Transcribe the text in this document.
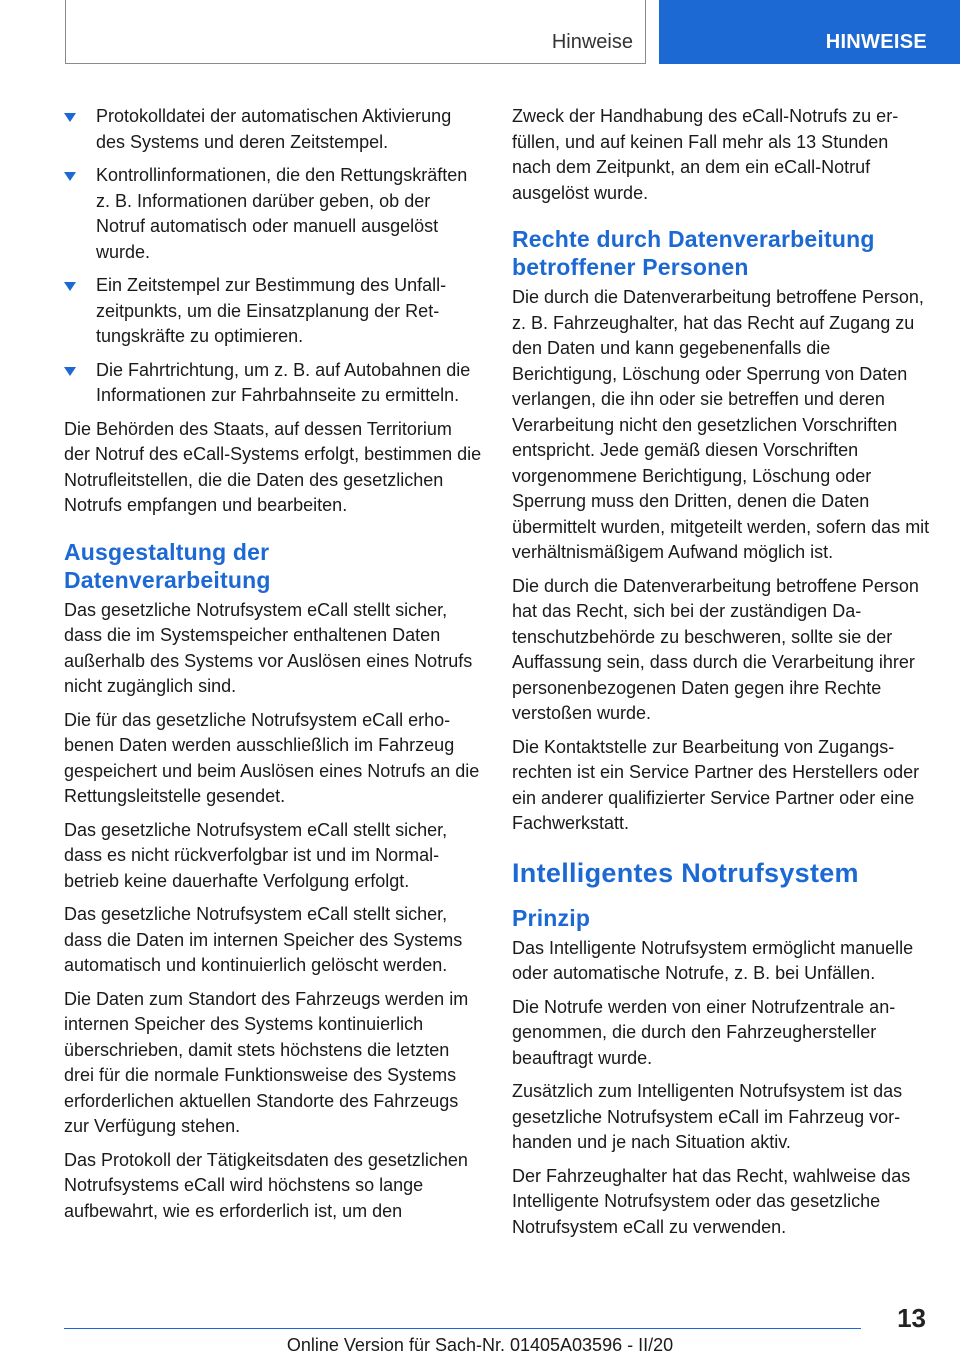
Hinweise	HINWEISE
Protokolldatei der automatischen Aktivierung des Systems und deren Zeitstempel.
Kontrollinformationen, die den Rettungskräften z. B. Informationen darüber geben, ob der Notruf automatisch oder manuell ausgelöst wurde.
Ein Zeitstempel zur Bestimmung des Unfallzeitpunkts, um die Einsatzplanung der Rettungskräfte zu optimieren.
Die Fahrtrichtung, um z. B. auf Autobahnen die Informationen zur Fahrbahnseite zu ermitteln.

Die Behörden des Staats, auf dessen Territorium der Notruf des eCall-Systems erfolgt, bestimmen die Notrufleitstellen, die die Daten des gesetzlichen Notrufs empfangen und bearbeiten.

Ausgestaltung der Datenverarbeitung

Das gesetzliche Notrufsystem eCall stellt sicher, dass die im Systemspeicher enthaltenen Daten außerhalb des Systems vor Auslösen eines Notrufs nicht zugänglich sind.

Die für das gesetzliche Notrufsystem eCall erhobenen Daten werden ausschließlich im Fahrzeug gespeichert und beim Auslösen eines Notrufs an die Rettungsleitstelle gesendet.

Das gesetzliche Notrufsystem eCall stellt sicher, dass es nicht rückverfolgbar ist und im Normalbetrieb keine dauerhafte Verfolgung erfolgt.

Das gesetzliche Notrufsystem eCall stellt sicher, dass die Daten im internen Speicher des Systems automatisch und kontinuierlich gelöscht werden.

Die Daten zum Standort des Fahrzeugs werden im internen Speicher des Systems kontinuierlich überschrieben, damit stets höchstens die letzten drei für die normale Funktionsweise des Systems erforderlichen aktuellen Standorte des Fahrzeugs zur Verfügung stehen.

Das Protokoll der Tätigkeitsdaten des gesetzlichen Notrufsystems eCall wird höchstens so lange aufbewahrt, wie es erforderlich ist, um den

Zweck der Handhabung des eCall-Notrufs zu erfüllen, und auf keinen Fall mehr als 13 Stunden nach dem Zeitpunkt, an dem ein eCall-Notruf ausgelöst wurde.

Rechte durch Datenverarbeitung betroffener Personen

Die durch die Datenverarbeitung betroffene Person, z. B. Fahrzeughalter, hat das Recht auf Zugang zu den Daten und kann gegebenenfalls die Berichtigung, Löschung oder Sperrung von Daten verlangen, die ihn oder sie betreffen und deren Verarbeitung nicht den gesetzlichen Vorschriften entspricht. Jede gemäß diesen Vorschriften vorgenommene Berichtigung, Löschung oder Sperrung muss den Dritten, denen die Daten übermittelt wurden, mitgeteilt werden, sofern das mit verhältnismäßigem Aufwand möglich ist.

Die durch die Datenverarbeitung betroffene Person hat das Recht, sich bei der zuständigen Datenschutzbehörde zu beschweren, sollte sie der Auffassung sein, dass durch die Verarbeitung ihrer personenbezogenen Daten gegen ihre Rechte verstoßen wurde.

Die Kontaktstelle zur Bearbeitung von Zugangsrechten ist ein Service Partner des Herstellers oder ein anderer qualifizierter Service Partner oder eine Fachwerkstatt.

Intelligentes Notrufsystem
Prinzip

Das Intelligente Notrufsystem ermöglicht manuelle oder automatische Notrufe, z. B. bei Unfällen.

Die Notrufe werden von einer Notrufzentrale angenommen, die durch den Fahrzeughersteller beauftragt wurde.

Zusätzlich zum Intelligenten Notrufsystem ist das gesetzliche Notrufsystem eCall im Fahrzeug vorhanden und je nach Situation aktiv.

Der Fahrzeughalter hat das Recht, wahlweise das Intelligente Notrufsystem oder das gesetzliche Notrufsystem eCall zu verwenden.

13
Online Version für Sach-Nr. 01405A03596 - II/20
